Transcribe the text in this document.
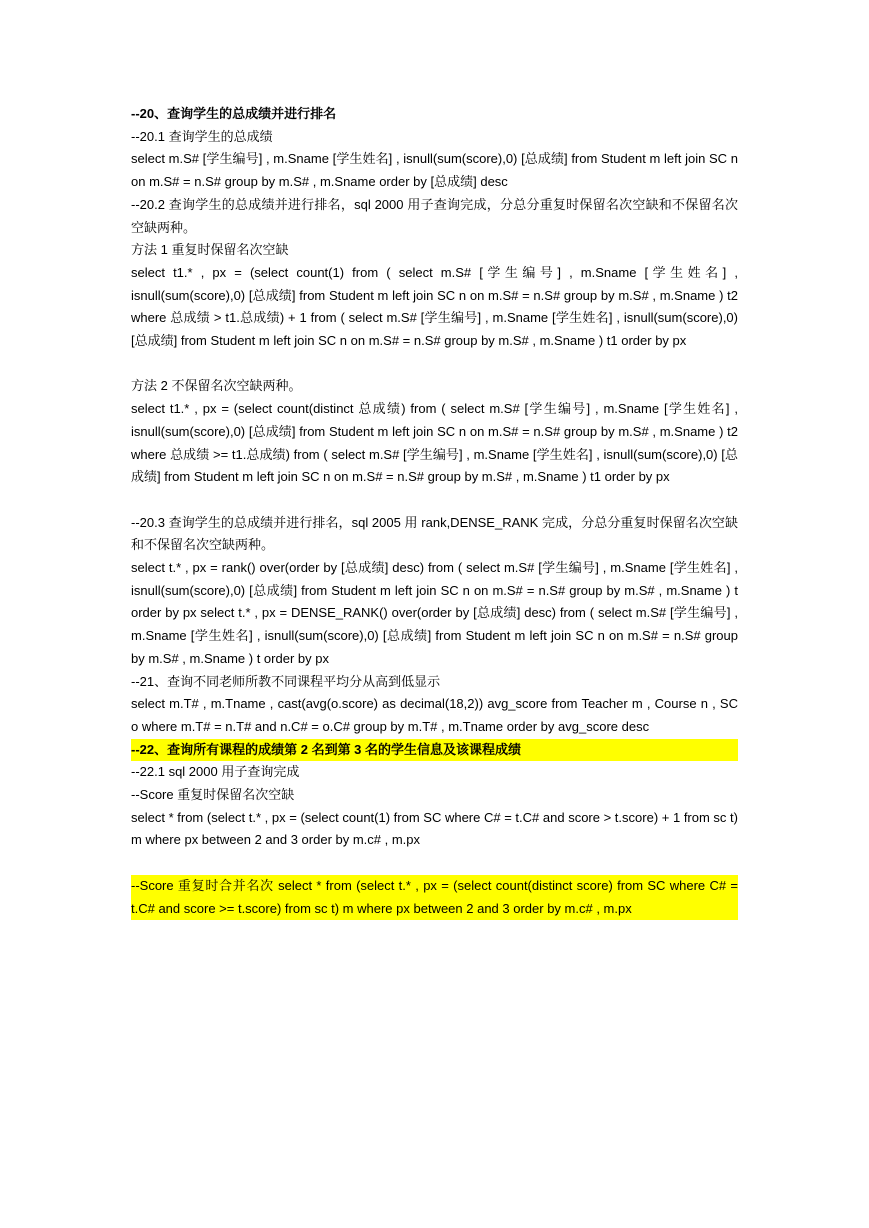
--20、查询学生的总成绩并进行排名

--20.1 查询学生的总成绩

select m.S# [学生编号] , m.Sname [学生姓名] , isnull(sum(score),0) [总成绩] from Student m left join SC n on m.S# = n.S# group by m.S# , m.Sname order by [总成绩] desc

--20.2 查询学生的总成绩并进行排名，sql 2000 用子查询完成，分总分重复时保留名次空缺和不保留名次空缺两种。

方法 1 重复时保留名次空缺

select t1.* , px = (select count(1) from ( select m.S# [学生编号] , m.Sname [学生姓名] , isnull(sum(score),0) [总成绩] from Student m left join SC n on m.S# = n.S# group by m.S# , m.Sname ) t2 where 总成绩 > t1.总成绩) + 1 from ( select m.S# [学生编号] , m.Sname [学生姓名] , isnull(sum(score),0) [总成绩] from Student m left join SC n on m.S# = n.S# group by m.S# , m.Sname ) t1 order by px

方法 2 不保留名次空缺两种。

select t1.* , px = (select count(distinct 总成绩) from ( select m.S# [学生编号] , m.Sname [学生姓名] , isnull(sum(score),0) [总成绩] from Student m left join SC n on m.S# = n.S# group by m.S# , m.Sname ) t2 where 总成绩 >= t1.总成绩) from ( select m.S# [学生编号] , m.Sname [学生姓名] , isnull(sum(score),0) [总成绩] from Student m left join SC n on m.S# = n.S# group by m.S# , m.Sname ) t1 order by px

--20.3 查询学生的总成绩并进行排名，sql 2005 用 rank,DENSE_RANK 完成，分总分重复时保留名次空缺和不保留名次空缺两种。

select t.* , px = rank() over(order by [总成绩] desc) from ( select m.S# [学生编号] , m.Sname [学生姓名] , isnull(sum(score),0) [总成绩] from Student m left join SC n on m.S# = n.S# group by m.S# , m.Sname ) t order by px select t.* , px = DENSE_RANK() over(order by [总成绩] desc) from ( select m.S# [学生编号] , m.Sname [学生姓名] , isnull(sum(score),0) [总成绩] from Student m left join SC n on m.S# = n.S# group by m.S# , m.Sname ) t order by px

--21、查询不同老师所教不同课程平均分从高到低显示

select m.T# , m.Tname , cast(avg(o.score) as decimal(18,2)) avg_score from Teacher m , Course n , SC o where m.T# = n.T# and n.C# = o.C# group by m.T# , m.Tname order by avg_score desc

--22、查询所有课程的成绩第 2 名到第 3 名的学生信息及该课程成绩

--22.1 sql 2000 用子查询完成

--Score 重复时保留名次空缺

select * from (select t.* , px = (select count(1) from SC where C# = t.C# and score > t.score) + 1 from sc t) m where px between 2 and 3 order by m.c# , m.px

--Score 重复时合并名次 select * from (select t.* , px = (select count(distinct score) from SC where C# = t.C# and score >= t.score) from sc t) m where px between 2 and 3 order by m.c# , m.px
